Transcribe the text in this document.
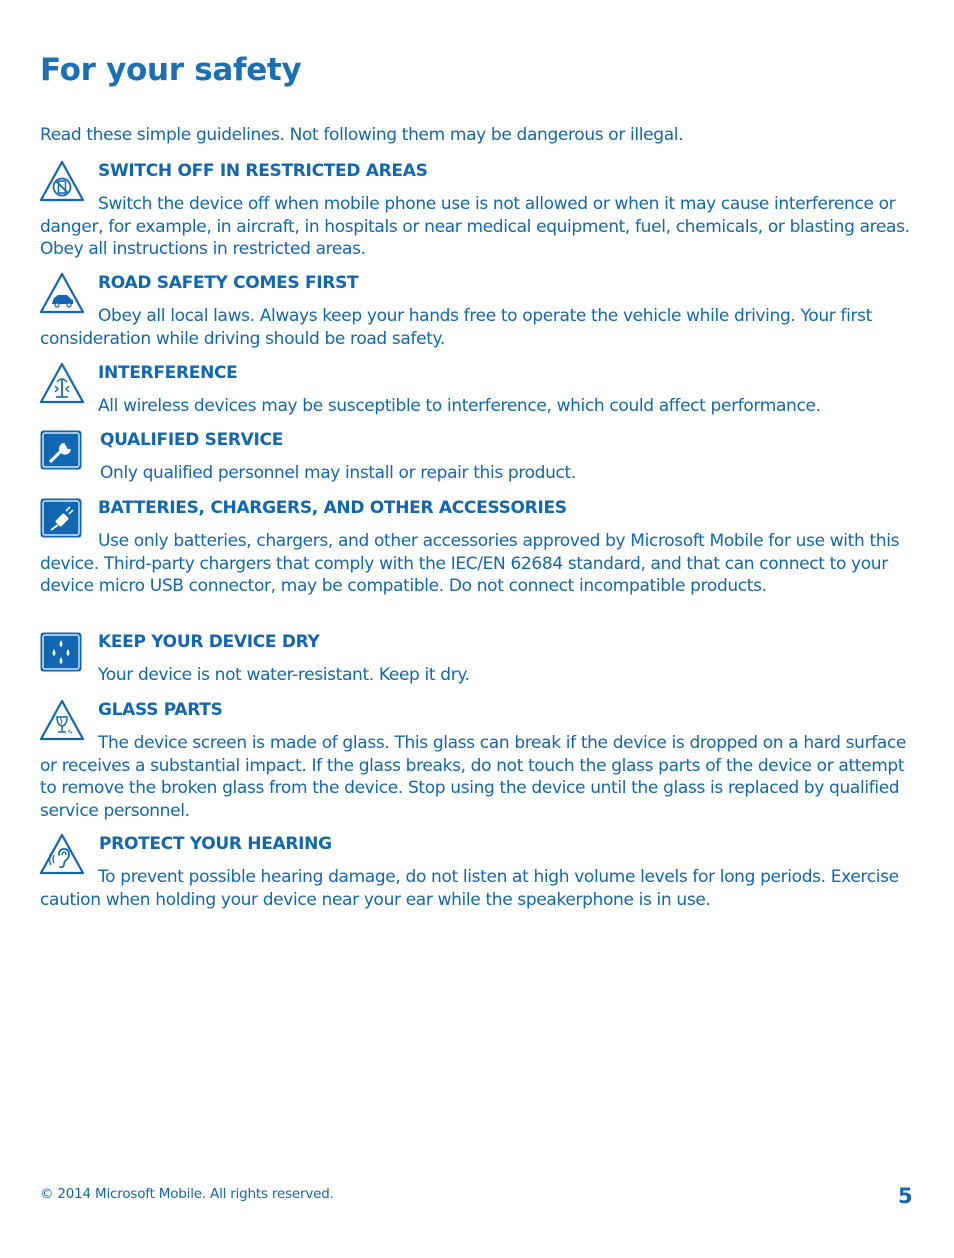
For your safety

Read these simple guidelines. Not following them may be dangerous or illegal.

SWITCH OFF IN RESTRICTED AREAS

Switch the device off when mobile phone use is not allowed or when it may cause interference or danger, for example, in aircraft, in hospitals or near medical equipment, fuel, chemicals, or blasting areas. Obey all instructions in restricted areas.

ROAD SAFETY COMES FIRST

Obey all local laws. Always keep your hands free to operate the vehicle while driving. Your first consideration while driving should be road safety.

INTERFERENCE

All wireless devices may be susceptible to interference, which could affect performance.

QUALIFIED SERVICE

Only qualified personnel may install or repair this product.

BATTERIES, CHARGERS, AND OTHER ACCESSORIES

Use only batteries, chargers, and other accessories approved by Microsoft Mobile for use with this device. Third-party chargers that comply with the IEC/EN 62684 standard, and that can connect to your device micro USB connector, may be compatible. Do not connect incompatible products.

KEEP YOUR DEVICE DRY

Your device is not water-resistant. Keep it dry.

GLASS PARTS

The device screen is made of glass. This glass can break if the device is dropped on a hard surface or receives a substantial impact. If the glass breaks, do not touch the glass parts of the device or attempt to remove the broken glass from the device. Stop using the device until the glass is replaced by qualified service personnel.

PROTECT YOUR HEARING

To prevent possible hearing damage, do not listen at high volume levels for long periods. Exercise caution when holding your device near your ear while the speakerphone is in use.

© 2014 Microsoft Mobile. All rights reserved.	5
